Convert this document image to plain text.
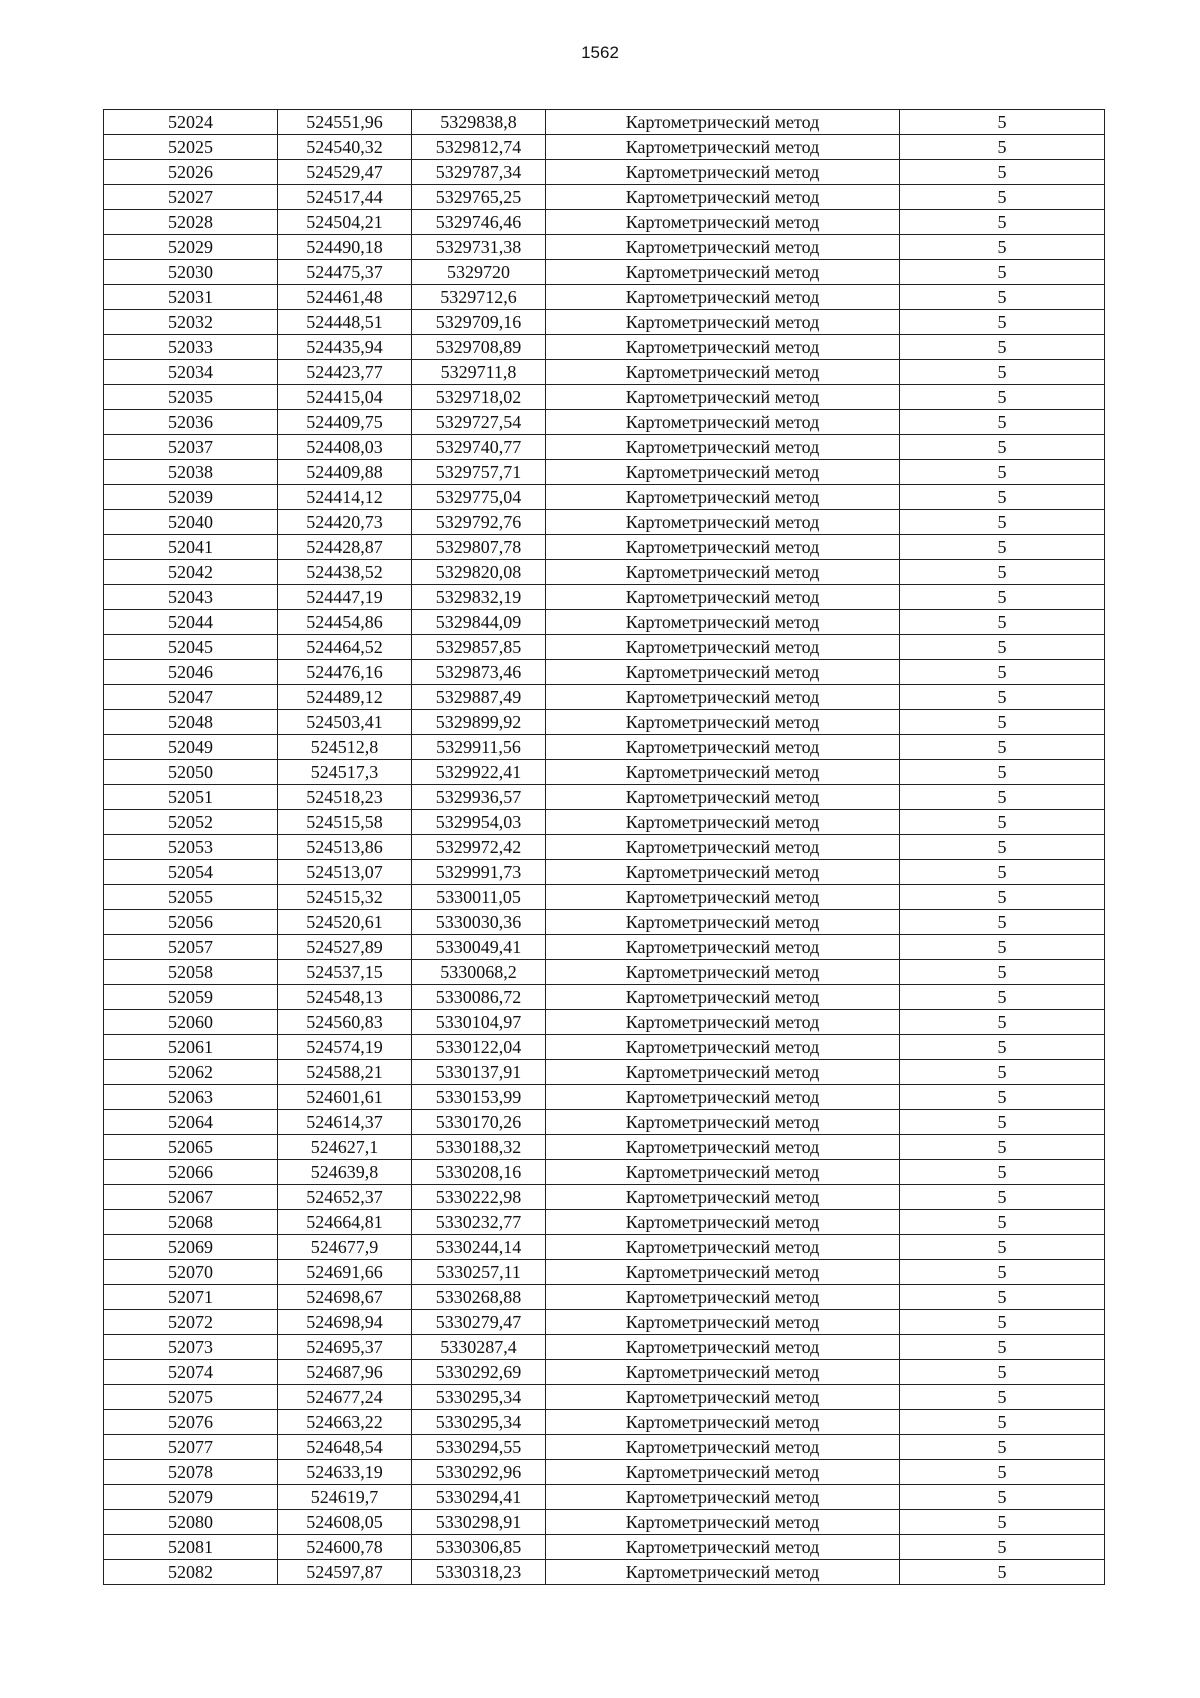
1562
52024	524551,96	5329838,8	Картометрический метод	5
52025	524540,32	5329812,74	Картометрический метод	5
52026	524529,47	5329787,34	Картометрический метод	5
52027	524517,44	5329765,25	Картометрический метод	5
52028	524504,21	5329746,46	Картометрический метод	5
52029	524490,18	5329731,38	Картометрический метод	5
52030	524475,37	5329720	Картометрический метод	5
52031	524461,48	5329712,6	Картометрический метод	5
52032	524448,51	5329709,16	Картометрический метод	5
52033	524435,94	5329708,89	Картометрический метод	5
52034	524423,77	5329711,8	Картометрический метод	5
52035	524415,04	5329718,02	Картометрический метод	5
52036	524409,75	5329727,54	Картометрический метод	5
52037	524408,03	5329740,77	Картометрический метод	5
52038	524409,88	5329757,71	Картометрический метод	5
52039	524414,12	5329775,04	Картометрический метод	5
52040	524420,73	5329792,76	Картометрический метод	5
52041	524428,87	5329807,78	Картометрический метод	5
52042	524438,52	5329820,08	Картометрический метод	5
52043	524447,19	5329832,19	Картометрический метод	5
52044	524454,86	5329844,09	Картометрический метод	5
52045	524464,52	5329857,85	Картометрический метод	5
52046	524476,16	5329873,46	Картометрический метод	5
52047	524489,12	5329887,49	Картометрический метод	5
52048	524503,41	5329899,92	Картометрический метод	5
52049	524512,8	5329911,56	Картометрический метод	5
52050	524517,3	5329922,41	Картометрический метод	5
52051	524518,23	5329936,57	Картометрический метод	5
52052	524515,58	5329954,03	Картометрический метод	5
52053	524513,86	5329972,42	Картометрический метод	5
52054	524513,07	5329991,73	Картометрический метод	5
52055	524515,32	5330011,05	Картометрический метод	5
52056	524520,61	5330030,36	Картометрический метод	5
52057	524527,89	5330049,41	Картометрический метод	5
52058	524537,15	5330068,2	Картометрический метод	5
52059	524548,13	5330086,72	Картометрический метод	5
52060	524560,83	5330104,97	Картометрический метод	5
52061	524574,19	5330122,04	Картометрический метод	5
52062	524588,21	5330137,91	Картометрический метод	5
52063	524601,61	5330153,99	Картометрический метод	5
52064	524614,37	5330170,26	Картометрический метод	5
52065	524627,1	5330188,32	Картометрический метод	5
52066	524639,8	5330208,16	Картометрический метод	5
52067	524652,37	5330222,98	Картометрический метод	5
52068	524664,81	5330232,77	Картометрический метод	5
52069	524677,9	5330244,14	Картометрический метод	5
52070	524691,66	5330257,11	Картометрический метод	5
52071	524698,67	5330268,88	Картометрический метод	5
52072	524698,94	5330279,47	Картометрический метод	5
52073	524695,37	5330287,4	Картометрический метод	5
52074	524687,96	5330292,69	Картометрический метод	5
52075	524677,24	5330295,34	Картометрический метод	5
52076	524663,22	5330295,34	Картометрический метод	5
52077	524648,54	5330294,55	Картометрический метод	5
52078	524633,19	5330292,96	Картометрический метод	5
52079	524619,7	5330294,41	Картометрический метод	5
52080	524608,05	5330298,91	Картометрический метод	5
52081	524600,78	5330306,85	Картометрический метод	5
52082	524597,87	5330318,23	Картометрический метод	5
